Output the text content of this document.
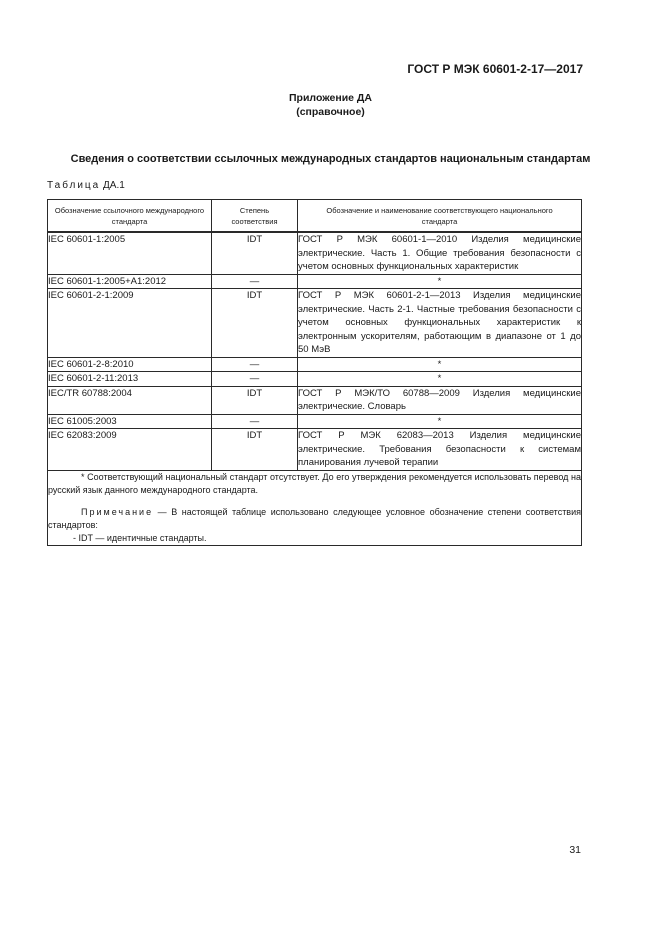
ГОСТ Р МЭК 60601-2-17—2017
Приложение ДА
(справочное)
Сведения о соответствии ссылочных международных стандартов национальным стандартам
Таблица ДА.1
Обозначение ссылочного международного стандарта	Степень соответствия	Обозначение и наименование соответствующего национального стандарта
IEC 60601-1:2005	IDT	ГОСТ Р МЭК 60601-1—2010 Изделия медицинские электрические. Часть 1. Общие требования безопасности с учетом основных функциональных характеристик
IEC 60601-1:2005+A1:2012	—	*
IEC 60601-2-1:2009	IDT	ГОСТ Р МЭК 60601-2-1—2013 Изделия медицинские электрические. Часть 2-1. Частные требования безопасности с учетом основных функциональных характеристик к электронным ускорителям, работающим в диапазоне от 1 до 50 МэВ
IEC 60601-2-8:2010	—	*
IEC 60601-2-11:2013	—	*
IEC/TR 60788:2004	IDT	ГОСТ Р МЭК/ТО 60788—2009 Изделия медицинские электрические. Словарь
IEC 61005:2003	—	*
IEC 62083:2009	IDT	ГОСТ Р МЭК 62083—2013 Изделия медицинские электрические. Требования безопасности к системам планирования лучевой терапии

* Соответствующий национальный стандарт отсутствует. До его утверждения рекомендуется использовать перевод на русский язык данного международного стандарта.
Примечание — В настоящей таблице использовано следующее условное обозначение степени соответствия стандартов:
- IDT — идентичные стандарты.		
31
